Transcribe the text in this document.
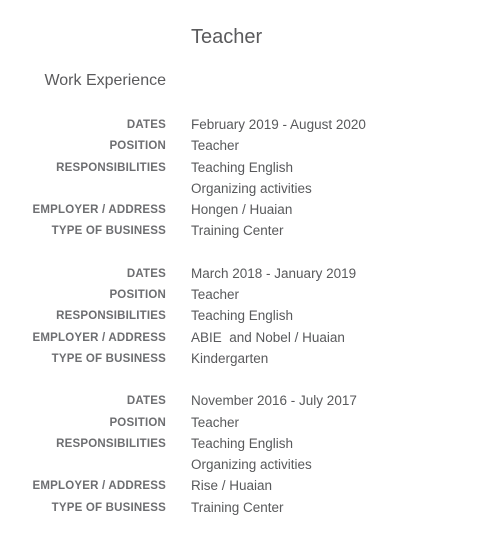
Teacher
Work Experience
DATES February 2019 - August 2020
POSITION Teacher
RESPONSIBILITIES Teaching English
Organizing activities
EMPLOYER / ADDRESS Hongen / Huaian
TYPE OF BUSINESS Training Center
DATES March 2018 - January 2019
POSITION Teacher
RESPONSIBILITIES Teaching English
EMPLOYER / ADDRESS ABIE  and Nobel / Huaian
TYPE OF BUSINESS Kindergarten
DATES November 2016 - July 2017
POSITION Teacher
RESPONSIBILITIES Teaching English
Organizing activities
EMPLOYER / ADDRESS Rise / Huaian
TYPE OF BUSINESS Training Center
